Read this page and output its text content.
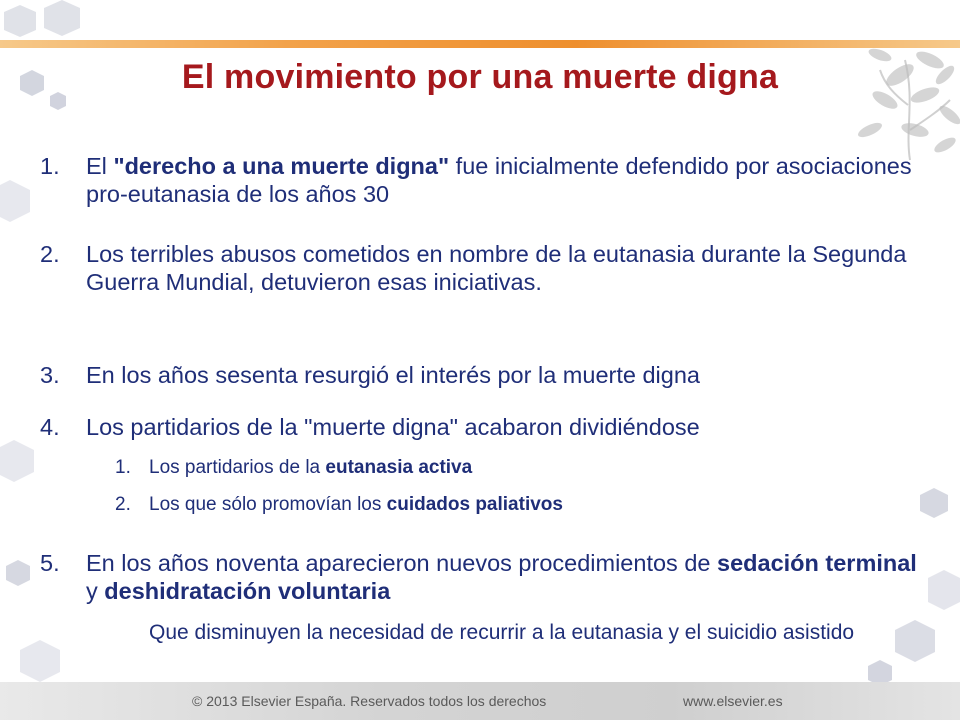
El movimiento por una muerte digna
1.	El "derecho a una muerte digna" fue inicialmente defendido por asociaciones pro-eutanasia de los años 30
2.	Los terribles abusos cometidos en nombre de la eutanasia durante la Segunda Guerra Mundial, detuvieron esas iniciativas.
3.	En los años sesenta resurgió el interés por la muerte digna
4.	Los partidarios de la "muerte digna" acabaron dividiéndose
1. Los partidarios de la eutanasia activa
2. Los que sólo promovían los cuidados paliativos
5.	En los años noventa aparecieron nuevos procedimientos de sedación terminal y deshidratación voluntaria
Que disminuyen la necesidad de recurrir a la eutanasia y el suicidio asistido
© 2013 Elsevier España. Reservados todos los derechos	www.elsevier.es
